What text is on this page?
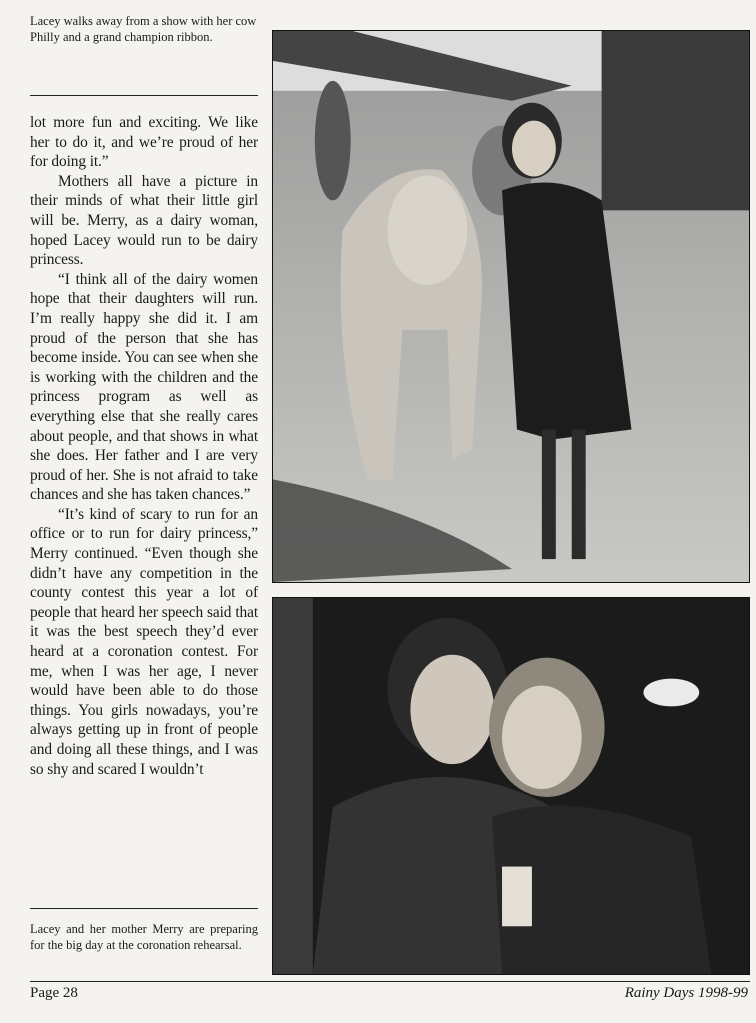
Lacey walks away from a show with her cow Philly and a grand champion ribbon.

lot more fun and exciting. We like her to do it, and we’re proud of her for doing it.”

Mothers all have a picture in their minds of what their little girl will be. Merry, as a dairy woman, hoped Lacey would run to be dairy princess.

“I think all of the dairy women hope that their daughters will run. I’m really happy she did it. I am proud of the person that she has become inside. You can see when she is working with the children and the princess program as well as everything else that she really cares about people, and that shows in what she does. Her father and I are very proud of her. She is not afraid to take chances and she has taken chances.”

“It’s kind of scary to run for an office or to run for dairy princess,” Merry continued. “Even though she didn’t have any competition in the county contest this year a lot of people that heard her speech said that it was the best speech they’d ever heard at a coronation contest. For me, when I was her age, I never would have been able to do those things. You girls nowadays, you’re always getting up in front of people and doing all these things, and I was so shy and scared I wouldn’t

Lacey and her mother Merry are preparing for the big day at the coronation rehearsal.
Page 28	Rainy Days 1998-99
